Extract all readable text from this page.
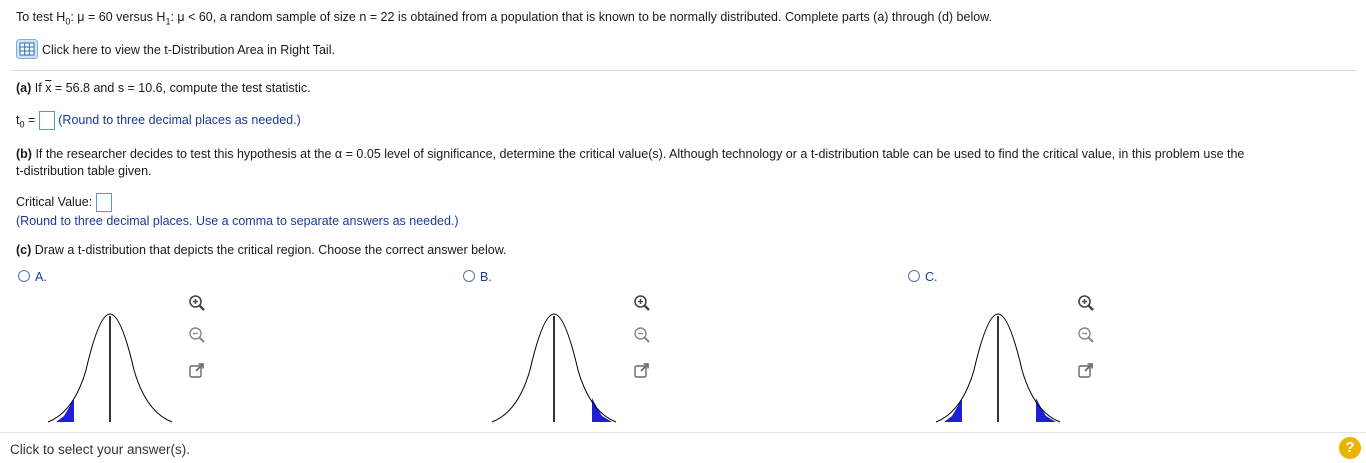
To test $H_0$: μ = 60 versus $H_1$: μ < 60, a random sample of size n = 22 is obtained from a population that is known to be normally distributed. Complete parts (a) through (d) below.
Click here to view the t-Distribution Area in Right Tail.
(a) If $\overline{x} = 56.8$ and s = 10.6, compute the test statistic.
$t_0$ = (Round to three decimal places as needed.)
(b) If the researcher decides to test this hypothesis at the α = 0.05 level of significance, determine the critical value(s). Although technology or a t-distribution table can be used to find the critical value, in this problem use the
t-distribution table given.
Critical Value:
(Round to three decimal places. Use a comma to separate answers as needed.)
(c) Draw a t-distribution that depicts the critical region. Choose the correct answer below.
A.	B.	C.
Click to select your answer(s).	?
